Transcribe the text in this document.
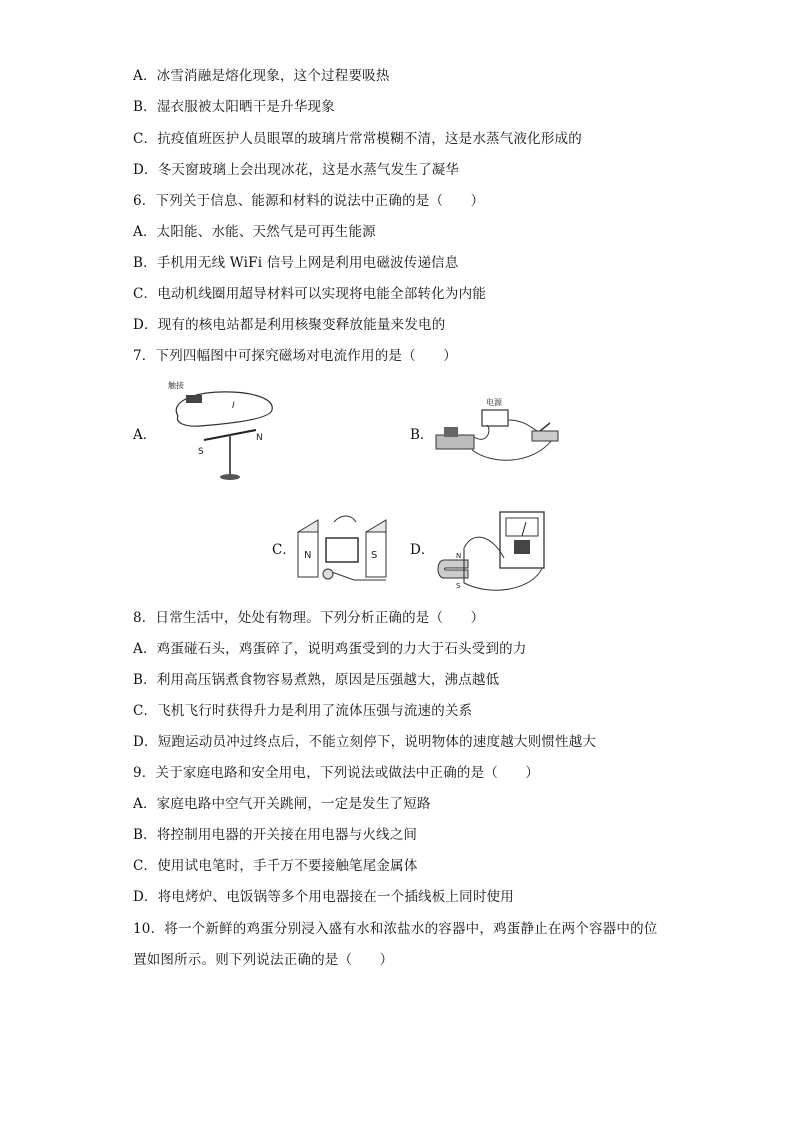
A．冰雪消融是熔化现象，这个过程要吸热
B．湿衣服被太阳晒干是升华现象
C．抗疫值班医护人员眼罩的玻璃片常常模糊不清，这是水蒸气液化形成的
D．冬天窗玻璃上会出现冰花，这是水蒸气发生了凝华
6．下列关于信息、能源和材料的说法中正确的是（　　）
A．太阳能、水能、天然气是可再生能源
B．手机用无线 WiFi 信号上网是利用电磁波传递信息
C．电动机线圈用超导材料可以实现将电能全部转化为内能
D．现有的核电站都是利用核聚变释放能量来发电的
7．下列四幅图中可探究磁场对电流作用的是（　　）
A．
触接
I
S
N	B．
电源
C． N	S D．	N
S
8．日常生活中，处处有物理。下列分析正确的是（　　）
A．鸡蛋碰石头，鸡蛋碎了，说明鸡蛋受到的力大于石头受到的力
B．利用高压锅煮食物容易煮熟，原因是压强越大，沸点越低
C．飞机飞行时获得升力是利用了流体压强与流速的关系
D．短跑运动员冲过终点后，不能立刻停下，说明物体的速度越大则惯性越大
9．关于家庭电路和安全用电，下列说法或做法中正确的是（　　）
A．家庭电路中空气开关跳闸，一定是发生了短路
B．将控制用电器的开关接在用电器与火线之间
C．使用试电笔时，手千万不要接触笔尾金属体
D．将电烤炉、电饭锅等多个用电器接在一个插线板上同时使用
10．将一个新鲜的鸡蛋分别浸入盛有水和浓盐水的容器中，鸡蛋静止在两个容器中的位
置如图所示。则下列说法正确的是（　　）
